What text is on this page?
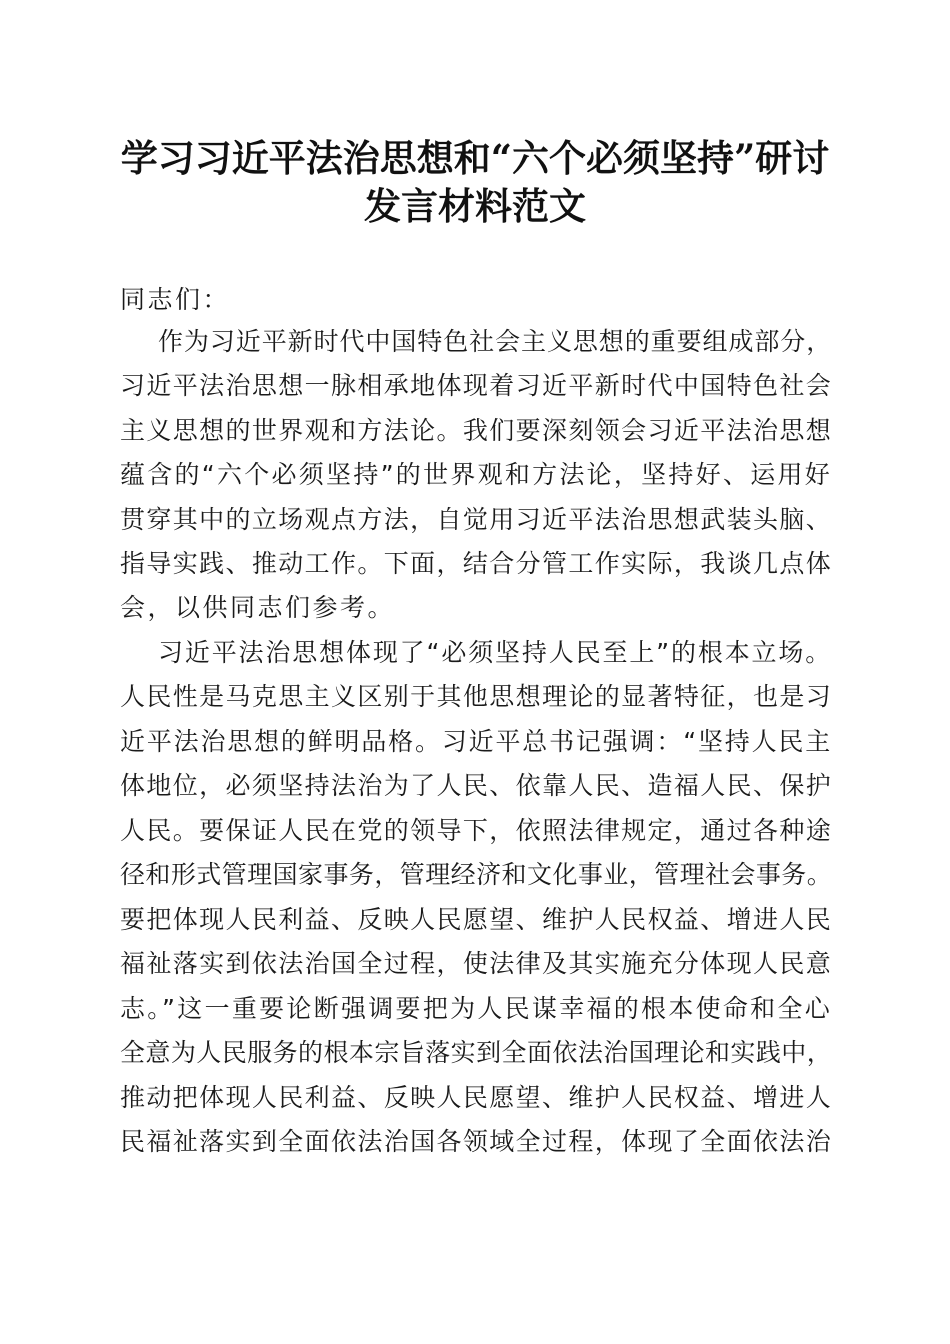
学习习近平法治思想和“六个必须坚持”研讨
发言材料范文
同志们：
作为习近平新时代中国特色社会主义思想的重要组成部分，
习近平法治思想一脉相承地体现着习近平新时代中国特色社会
主义思想的世界观和方法论。我们要深刻领会习近平法治思想
蕴含的“六个必须坚持”的世界观和方法论，坚持好、运用好
贯穿其中的立场观点方法，自觉用习近平法治思想武装头脑、
指导实践、推动工作。下面，结合分管工作实际，我谈几点体
会，以供同志们参考。
习近平法治思想体现了“必须坚持人民至上”的根本立场。
人民性是马克思主义区别于其他思想理论的显著特征，也是习
近平法治思想的鲜明品格。习近平总书记强调：“坚持人民主
体地位，必须坚持法治为了人民、依靠人民、造福人民、保护
人民。要保证人民在党的领导下，依照法律规定，通过各种途
径和形式管理国家事务，管理经济和文化事业，管理社会事务。
要把体现人民利益、反映人民愿望、维护人民权益、增进人民
福祉落实到依法治国全过程，使法律及其实施充分体现人民意
志。”这一重要论断强调要把为人民谋幸福的根本使命和全心
全意为人民服务的根本宗旨落实到全面依法治国理论和实践中，
推动把体现人民利益、反映人民愿望、维护人民权益、增进人
民福祉落实到全面依法治国各领域全过程，体现了全面依法治
